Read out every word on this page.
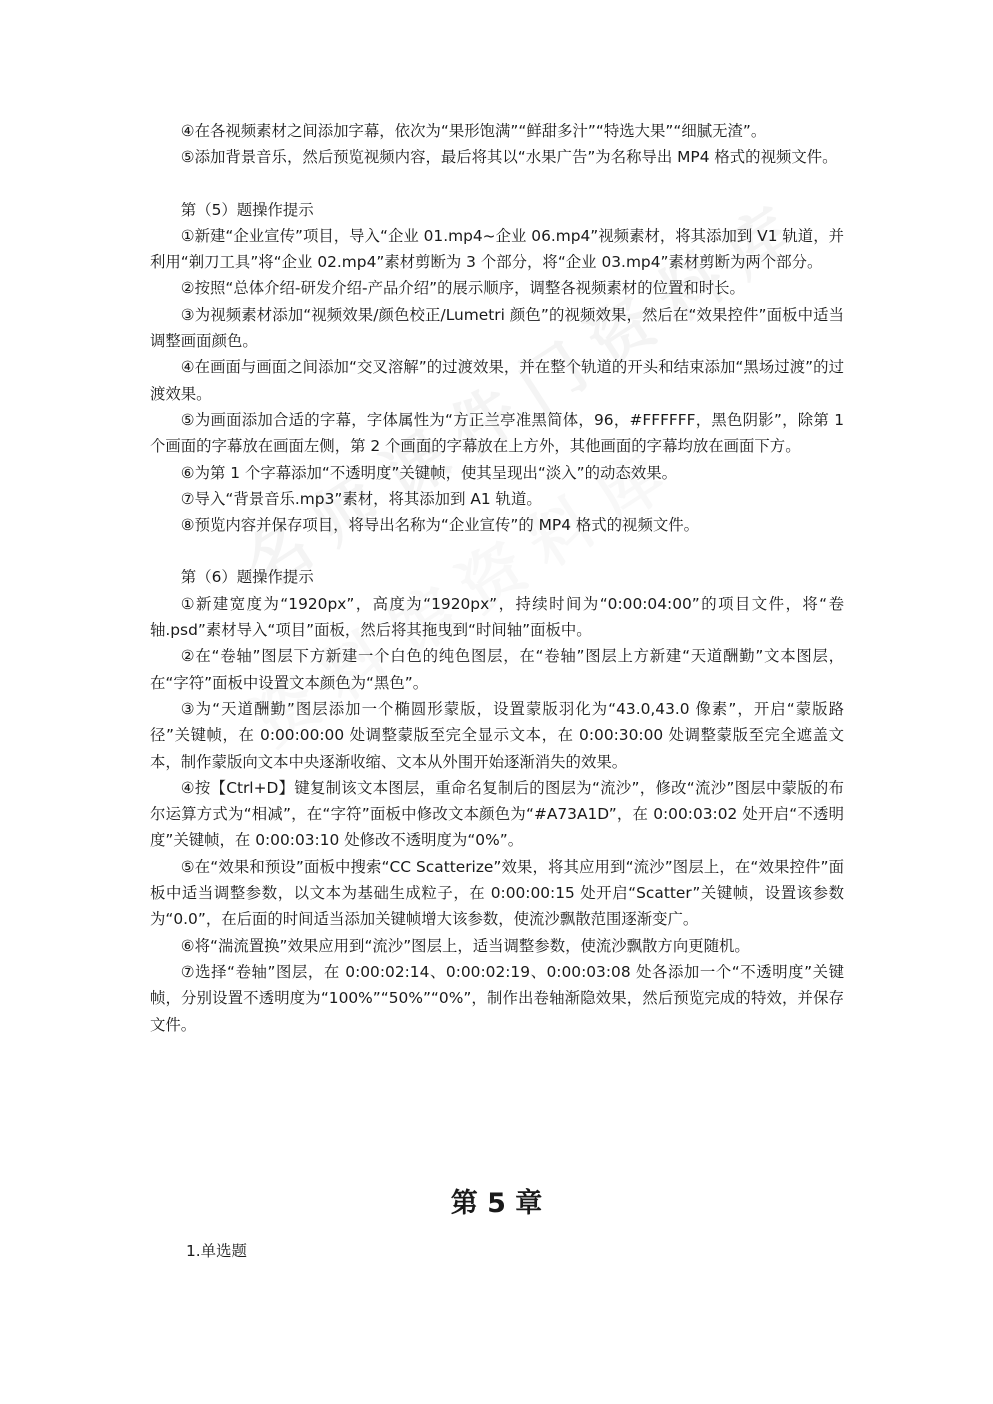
④在各视频素材之间添加字幕，依次为“果形饱满”“鲜甜多汁”“特选大果”“细腻无渣”。

⑤添加背景音乐，然后预览视频内容，最后将其以“水果广告”为名称导出 MP4 格式的视频文件。

第（5）题操作提示

①新建“企业宣传”项目，导入“企业 01.mp4~企业 06.mp4”视频素材，将其添加到 V1 轨道，并利用“剃刀工具”将“企业 02.mp4”素材剪断为 3 个部分，将“企业 03.mp4”素材剪断为两个部分。

②按照“总体介绍-研发介绍-产品介绍”的展示顺序，调整各视频素材的位置和时长。

③为视频素材添加“视频效果/颜色校正/Lumetri 颜色”的视频效果，然后在“效果控件”面板中适当调整画面颜色。

④在画面与画面之间添加“交叉溶解”的过渡效果，并在整个轨道的开头和结束添加“黑场过渡”的过渡效果。

⑤为画面添加合适的字幕，字体属性为“方正兰亭准黑简体，96，#FFFFFF，黑色阴影”，除第 1 个画面的字幕放在画面左侧，第 2 个画面的字幕放在上方外，其他画面的字幕均放在画面下方。

⑥为第 1 个字幕添加“不透明度”关键帧，使其呈现出“淡入”的动态效果。

⑦导入“背景音乐.mp3”素材，将其添加到 A1 轨道。

⑧预览内容并保存项目，将导出名称为“企业宣传”的 MP4 格式的视频文件。

第（6）题操作提示

①新建宽度为“1920px”，高度为“1920px”，持续时间为“0:00:04:00”的项目文件，将“卷轴.psd”素材导入“项目”面板，然后将其拖曳到“时间轴”面板中。

②在“卷轴”图层下方新建一个白色的纯色图层，在“卷轴”图层上方新建“天道酬勤”文本图层，在“字符”面板中设置文本颜色为“黑色”。

③为“天道酬勤”图层添加一个椭圆形蒙版，设置蒙版羽化为“43.0,43.0 像素”，开启“蒙版路径”关键帧，在 0:00:00:00 处调整蒙版至完全显示文本，在 0:00:30:00 处调整蒙版至完全遮盖文本，制作蒙版向文本中央逐渐收缩、文本从外围开始逐渐消失的效果。

④按【Ctrl+D】键复制该文本图层，重命名复制后的图层为“流沙”，修改“流沙”图层中蒙版的布尔运算方式为“相减”，在“字符”面板中修改文本颜色为“#A73A1D”，在 0:00:03:02 处开启“不透明度”关键帧，在 0:00:03:10 处修改不透明度为“0%”。

⑤在“效果和预设”面板中搜索“CC Scatterize”效果，将其应用到“流沙”图层上，在“效果控件”面板中适当调整参数，以文本为基础生成粒子，在 0:00:00:15 处开启“Scatter”关键帧，设置该参数为“0.0”，在后面的时间适当添加关键帧增大该参数，使流沙飘散范围逐渐变广。

⑥将“湍流置换”效果应用到“流沙”图层上，适当调整参数，使流沙飘散方向更随机。

⑦选择“卷轴”图层，在 0:00:02:14、0:00:02:19、0:00:03:08 处各添加一个“不透明度”关键帧，分别设置不透明度为“100%”“50%”“0%”，制作出卷轴渐隐效果，然后预览完成的特效，并保存文件。

第 5 章
1.单选题
